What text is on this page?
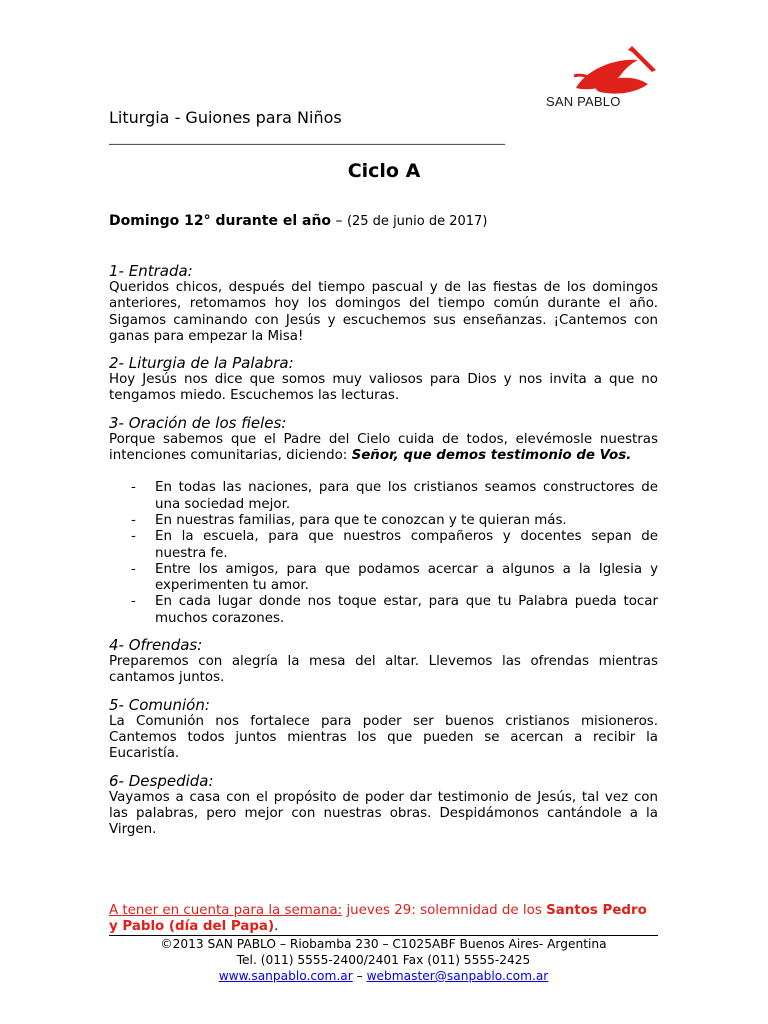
SAN PABLO
Liturgia - Guiones para Niños
________________________________________________________________________
Ciclo A
Domingo 12° durante el año – (25 de junio de 2017)
1- Entrada:

Queridos chicos, después del tiempo pascual y de las fiestas de los domingos anteriores, retomamos hoy los domingos del tiempo común durante el año. Sigamos caminando con Jesús y escuchemos sus enseñanzas. ¡Cantemos con ganas para empezar la Misa!

2- Liturgia de la Palabra:

Hoy Jesús nos dice que somos muy valiosos para Dios y nos invita a que no tengamos miedo. Escuchemos las lecturas.

3- Oración de los fieles:

Porque sabemos que el Padre del Cielo cuida de todos, elevémosle nuestras intenciones comunitarias, diciendo: Señor, que demos testimonio de Vos.

- En todas las naciones, para que los cristianos seamos constructores de una sociedad mejor.
- En nuestras familias, para que te conozcan y te quieran más.
- En la escuela, para que nuestros compañeros y docentes sepan de nuestra fe.
- Entre los amigos, para que podamos acercar a algunos a la Iglesia y experimenten tu amor.
- En cada lugar donde nos toque estar, para que tu Palabra pueda tocar muchos corazones.
4- Ofrendas:

Preparemos con alegría la mesa del altar. Llevemos las ofrendas mientras cantamos juntos.

5- Comunión:

La Comunión nos fortalece para poder ser buenos cristianos misioneros. Cantemos todos juntos mientras los que pueden se acercan a recibir la Eucaristía.

6- Despedida:

Vayamos a casa con el propósito de poder dar testimonio de Jesús, tal vez con las palabras, pero mejor con nuestras obras. Despidámonos cantándole a la Virgen.

A tener en cuenta para la semana: jueves 29: solemnidad de los Santos Pedro y Pablo (día del Papa).
©2013 SAN PABLO – Riobamba 230 – C1025ABF Buenos Aires- Argentina
Tel. (011) 5555-2400/2401 Fax (011) 5555-2425
www.sanpablo.com.ar – webmaster@sanpablo.com.ar
